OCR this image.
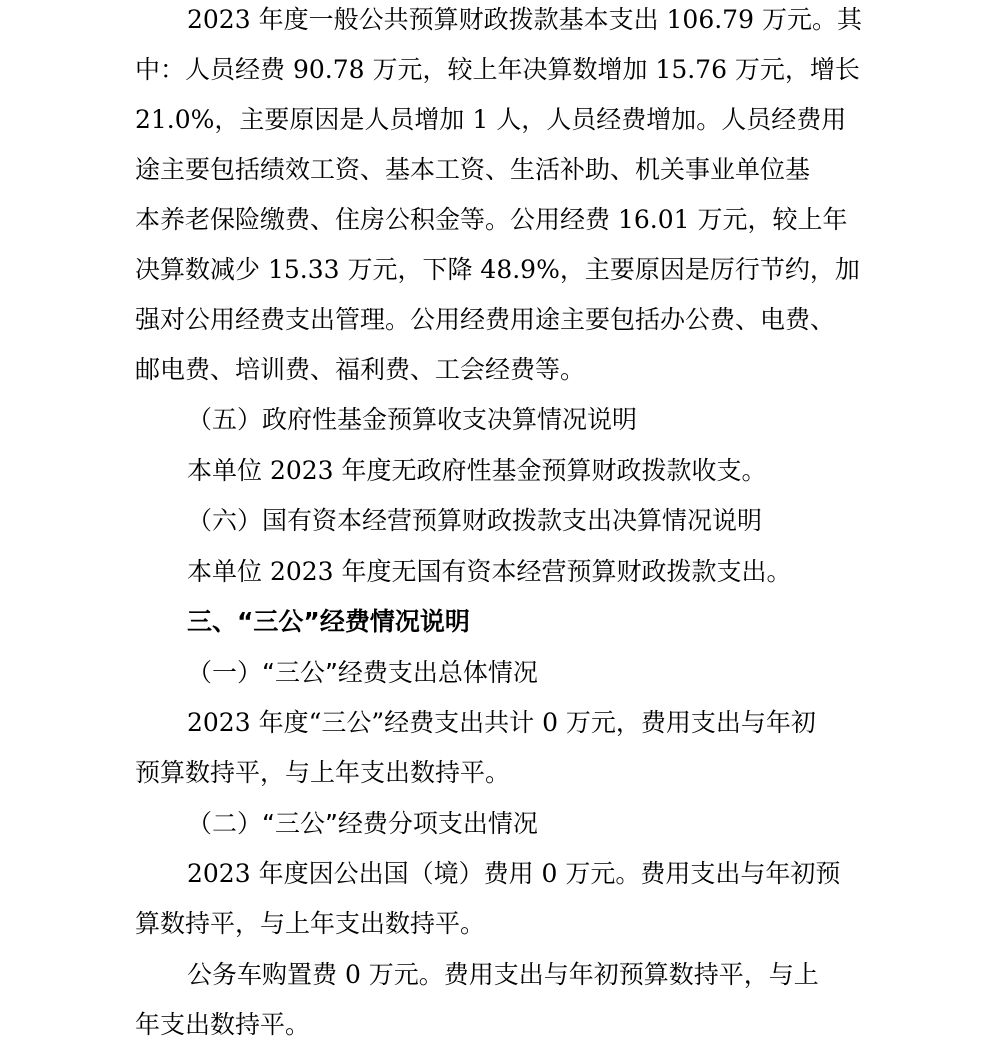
2023 年度一般公共预算财政拨款基本支出 106.79 万元。其
中：人员经费 90.78 万元，较上年决算数增加 15.76 万元，增长
21.0%，主要原因是人员增加 1 人，人员经费增加。人员经费用
途主要包括绩效工资、基本工资、生活补助、机关事业单位基
本养老保险缴费、住房公积金等。公用经费 16.01 万元，较上年
决算数减少 15.33 万元，下降 48.9%，主要原因是厉行节约，加
强对公用经费支出管理。公用经费用途主要包括办公费、电费、
邮电费、培训费、福利费、工会经费等。
（五）政府性基金预算收支决算情况说明
本单位 2023 年度无政府性基金预算财政拨款收支。
（六）国有资本经营预算财政拨款支出决算情况说明
本单位 2023 年度无国有资本经营预算财政拨款支出。
三、“三公”经费情况说明
（一）“三公”经费支出总体情况
2023 年度“三公”经费支出共计 0 万元，费用支出与年初
预算数持平，与上年支出数持平。
（二）“三公”经费分项支出情况
2023 年度因公出国（境）费用 0 万元。费用支出与年初预
算数持平，与上年支出数持平。
公务车购置费 0 万元。费用支出与年初预算数持平，与上
年支出数持平。
